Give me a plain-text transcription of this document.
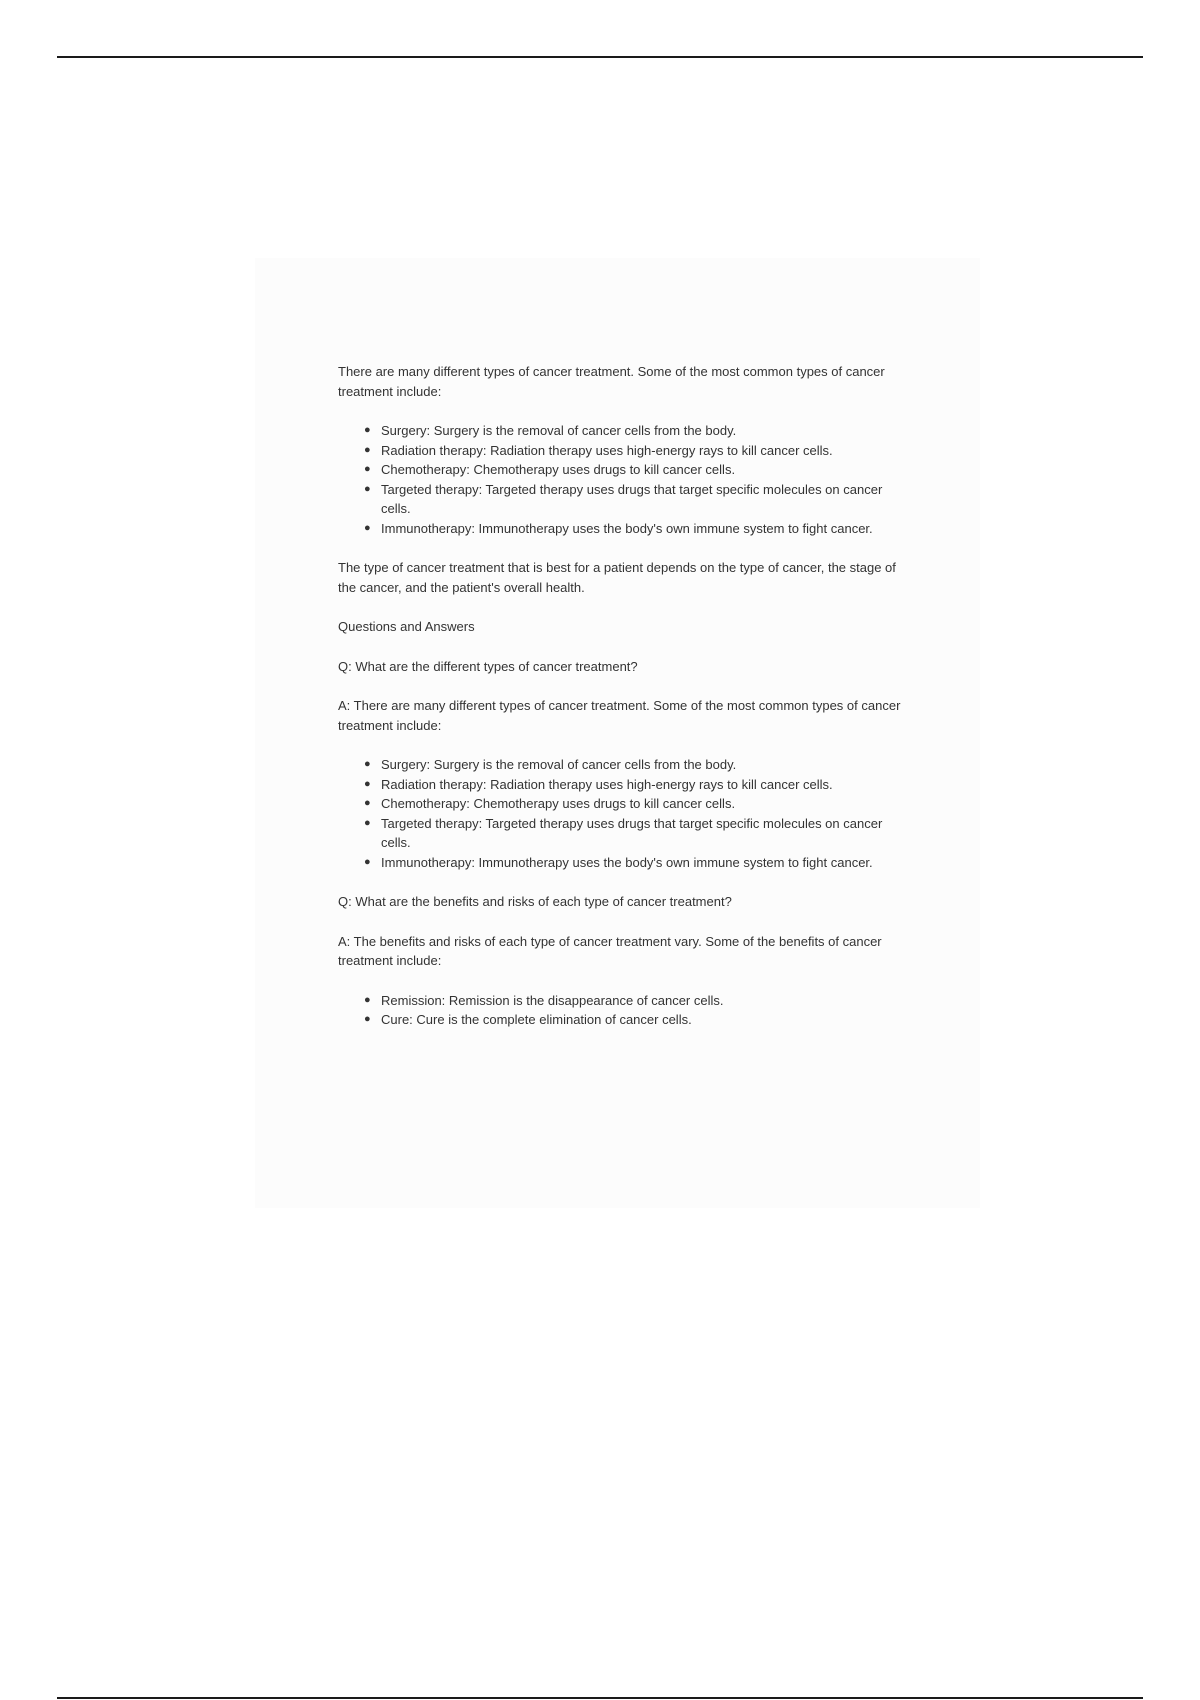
There are many different types of cancer treatment. Some of the most common types of cancer treatment include:

● Surgery: Surgery is the removal of cancer cells from the body.
● Radiation therapy: Radiation therapy uses high-energy rays to kill cancer cells.
● Chemotherapy: Chemotherapy uses drugs to kill cancer cells.
● Targeted therapy: Targeted therapy uses drugs that target specific molecules on cancer cells.
● Immunotherapy: Immunotherapy uses the body's own immune system to fight cancer.

The type of cancer treatment that is best for a patient depends on the type of cancer, the stage of the cancer, and the patient's overall health.

Questions and Answers

Q: What are the different types of cancer treatment?

A: There are many different types of cancer treatment. Some of the most common types of cancer treatment include:

● Surgery: Surgery is the removal of cancer cells from the body.
● Radiation therapy: Radiation therapy uses high-energy rays to kill cancer cells.
● Chemotherapy: Chemotherapy uses drugs to kill cancer cells.
● Targeted therapy: Targeted therapy uses drugs that target specific molecules on cancer cells.
● Immunotherapy: Immunotherapy uses the body's own immune system to fight cancer.

Q: What are the benefits and risks of each type of cancer treatment?

A: The benefits and risks of each type of cancer treatment vary. Some of the benefits of cancer treatment include:

● Remission: Remission is the disappearance of cancer cells.
● Cure: Cure is the complete elimination of cancer cells.
